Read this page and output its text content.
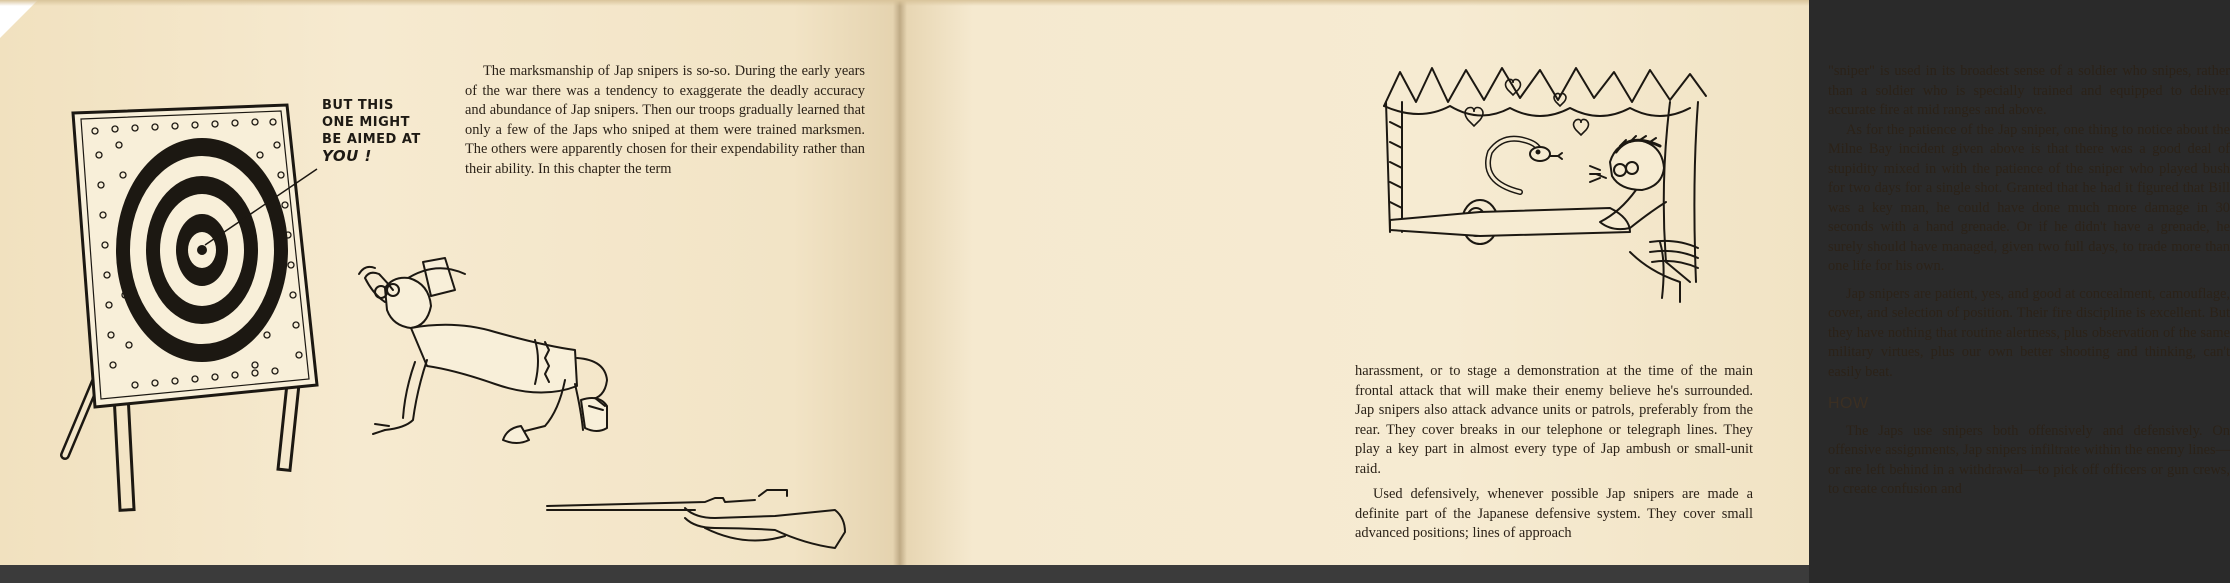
BUT THIS
ONE MIGHT
BE AIMED AT
YOU !

The marksmanship of Jap snipers is so-so. During the early years of the war there was a tendency to exaggerate the deadly accuracy and abundance of Jap snipers. Then our troops gradually learned that only a few of the Japs who sniped at them were trained marksmen. The others were apparently chosen for their expendability rather than their ability. In this chapter the term

"sniper" is used in its broadest sense of a soldier who snipes, rather than a soldier who is specially trained and equipped to deliver accurate fire at mid ranges and above.

As for the patience of the Jap sniper, one thing to notice about the Milne Bay incident given above is that there was a good deal of stupidity mixed in with the patience of the sniper who played bush for two days for a single shot. Granted that he had it figured that Bill was a key man, he could have done much more damage in 30 seconds with a hand grenade. Or if he didn't have a grenade, he surely should have managed, given two full days, to trade more than one life for his own.

Jap snipers are patient, yes, and good at concealment, camouflage, cover, and selection of position. Their fire discipline is excellent. But they have nothing that routine alertness, plus observation of the same military virtues, plus our own better shooting and thinking, can't easily beat.

HOW

The Japs use snipers both offensively and defensively. On offensive assignments, Jap snipers infiltrate within the enemy lines—or are left behind in a withdrawal—to pick off officers or gun crews, to create confusion and

harassment, or to stage a demonstration at the time of the main frontal attack that will make their enemy believe he's surrounded. Jap snipers also attack advance units or patrols, preferably from the rear. They cover breaks in our telephone or telegraph lines. They play a key part in almost every type of Jap ambush or small-unit raid.

Used defensively, whenever possible Jap snipers are made a definite part of the Japanese defensive system. They cover small advanced positions; lines of approach
